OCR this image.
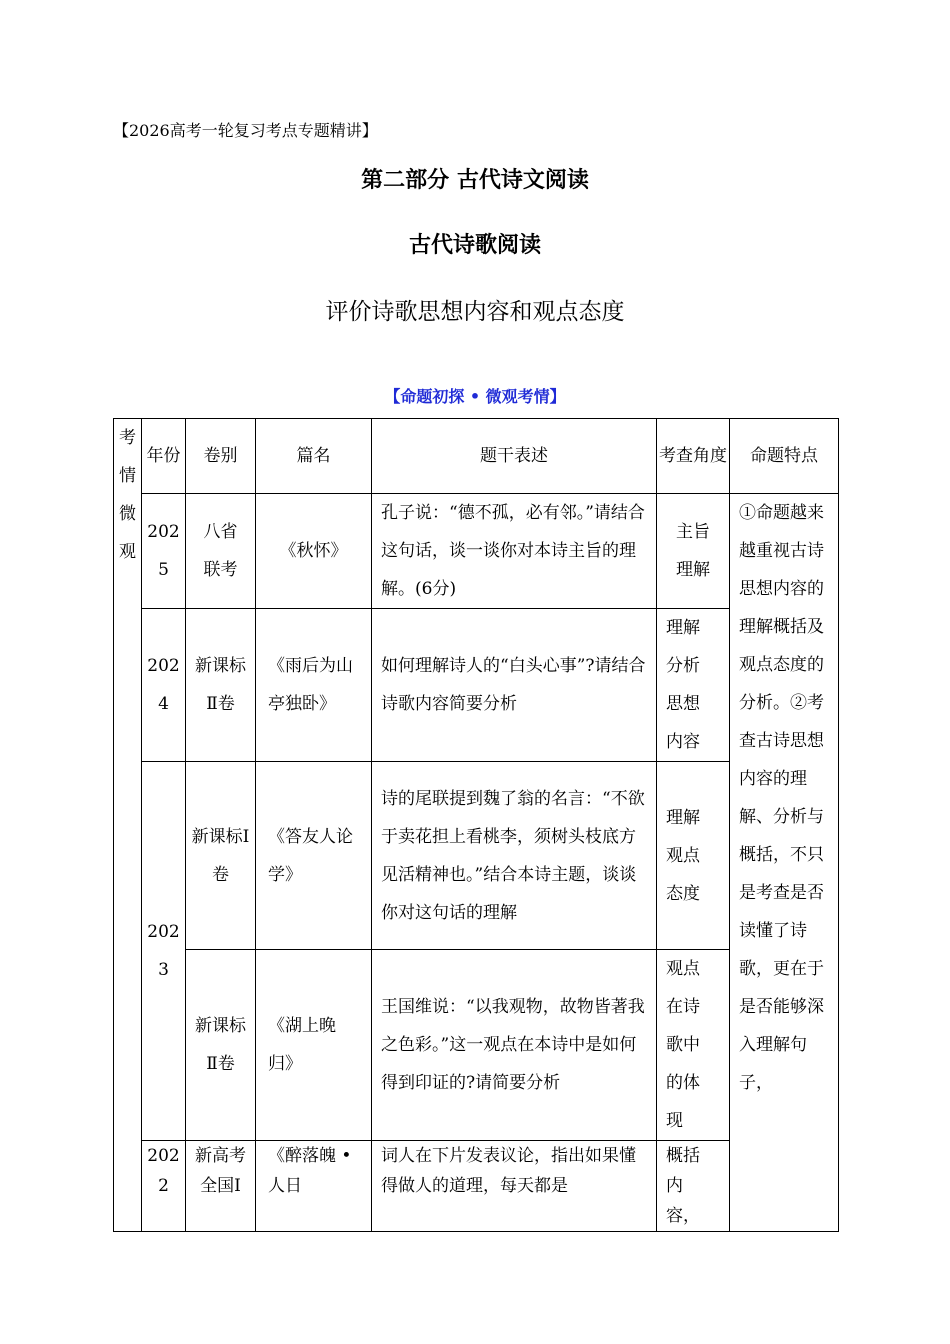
【2026高考一轮复习考点专题精讲】
第二部分 古代诗文阅读
古代诗歌阅读
评价诗歌思想内容和观点态度
【命题初探 • 微观考情】
考情微观	年份	卷别	篇名	题干表述	考查角度	命题特点
	2025	八省联考	《秋怀》	孔子说：“德不孤，必有邻。”请结合这句话，谈一谈你对本诗主旨的理解。(6分)	主旨理解	①命题越来越重视古诗思想内容的理解概括及观点态度的分析。②考查古诗思想内容的理解、分析与概括，不只是考查是否读懂了诗歌，更在于是否能够深入理解句子，
	2024	新课标Ⅱ卷	《雨后为山亭独卧》	如何理解诗人的“白头心事”?请结合诗歌内容简要分析	理解分析思想内容	
	2023	新课标Ⅰ卷	《答友人论学》	诗的尾联提到魏了翁的名言：“不欲于卖花担上看桃李，须树头枝底方见活精神也。”结合本诗主题，谈谈你对这句话的理解	理解观点态度	
		新课标Ⅱ卷	《湖上晚归》	王国维说：“以我观物，故物皆著我之色彩。”这一观点在本诗中是如何得到印证的?请简要分析	观点在诗歌中的体现	
	2022	新高考全国Ⅰ	《醉落魄 • 人日	词人在下片发表议论，指出如果懂得做人的道理，每天都是	概括内容，	
